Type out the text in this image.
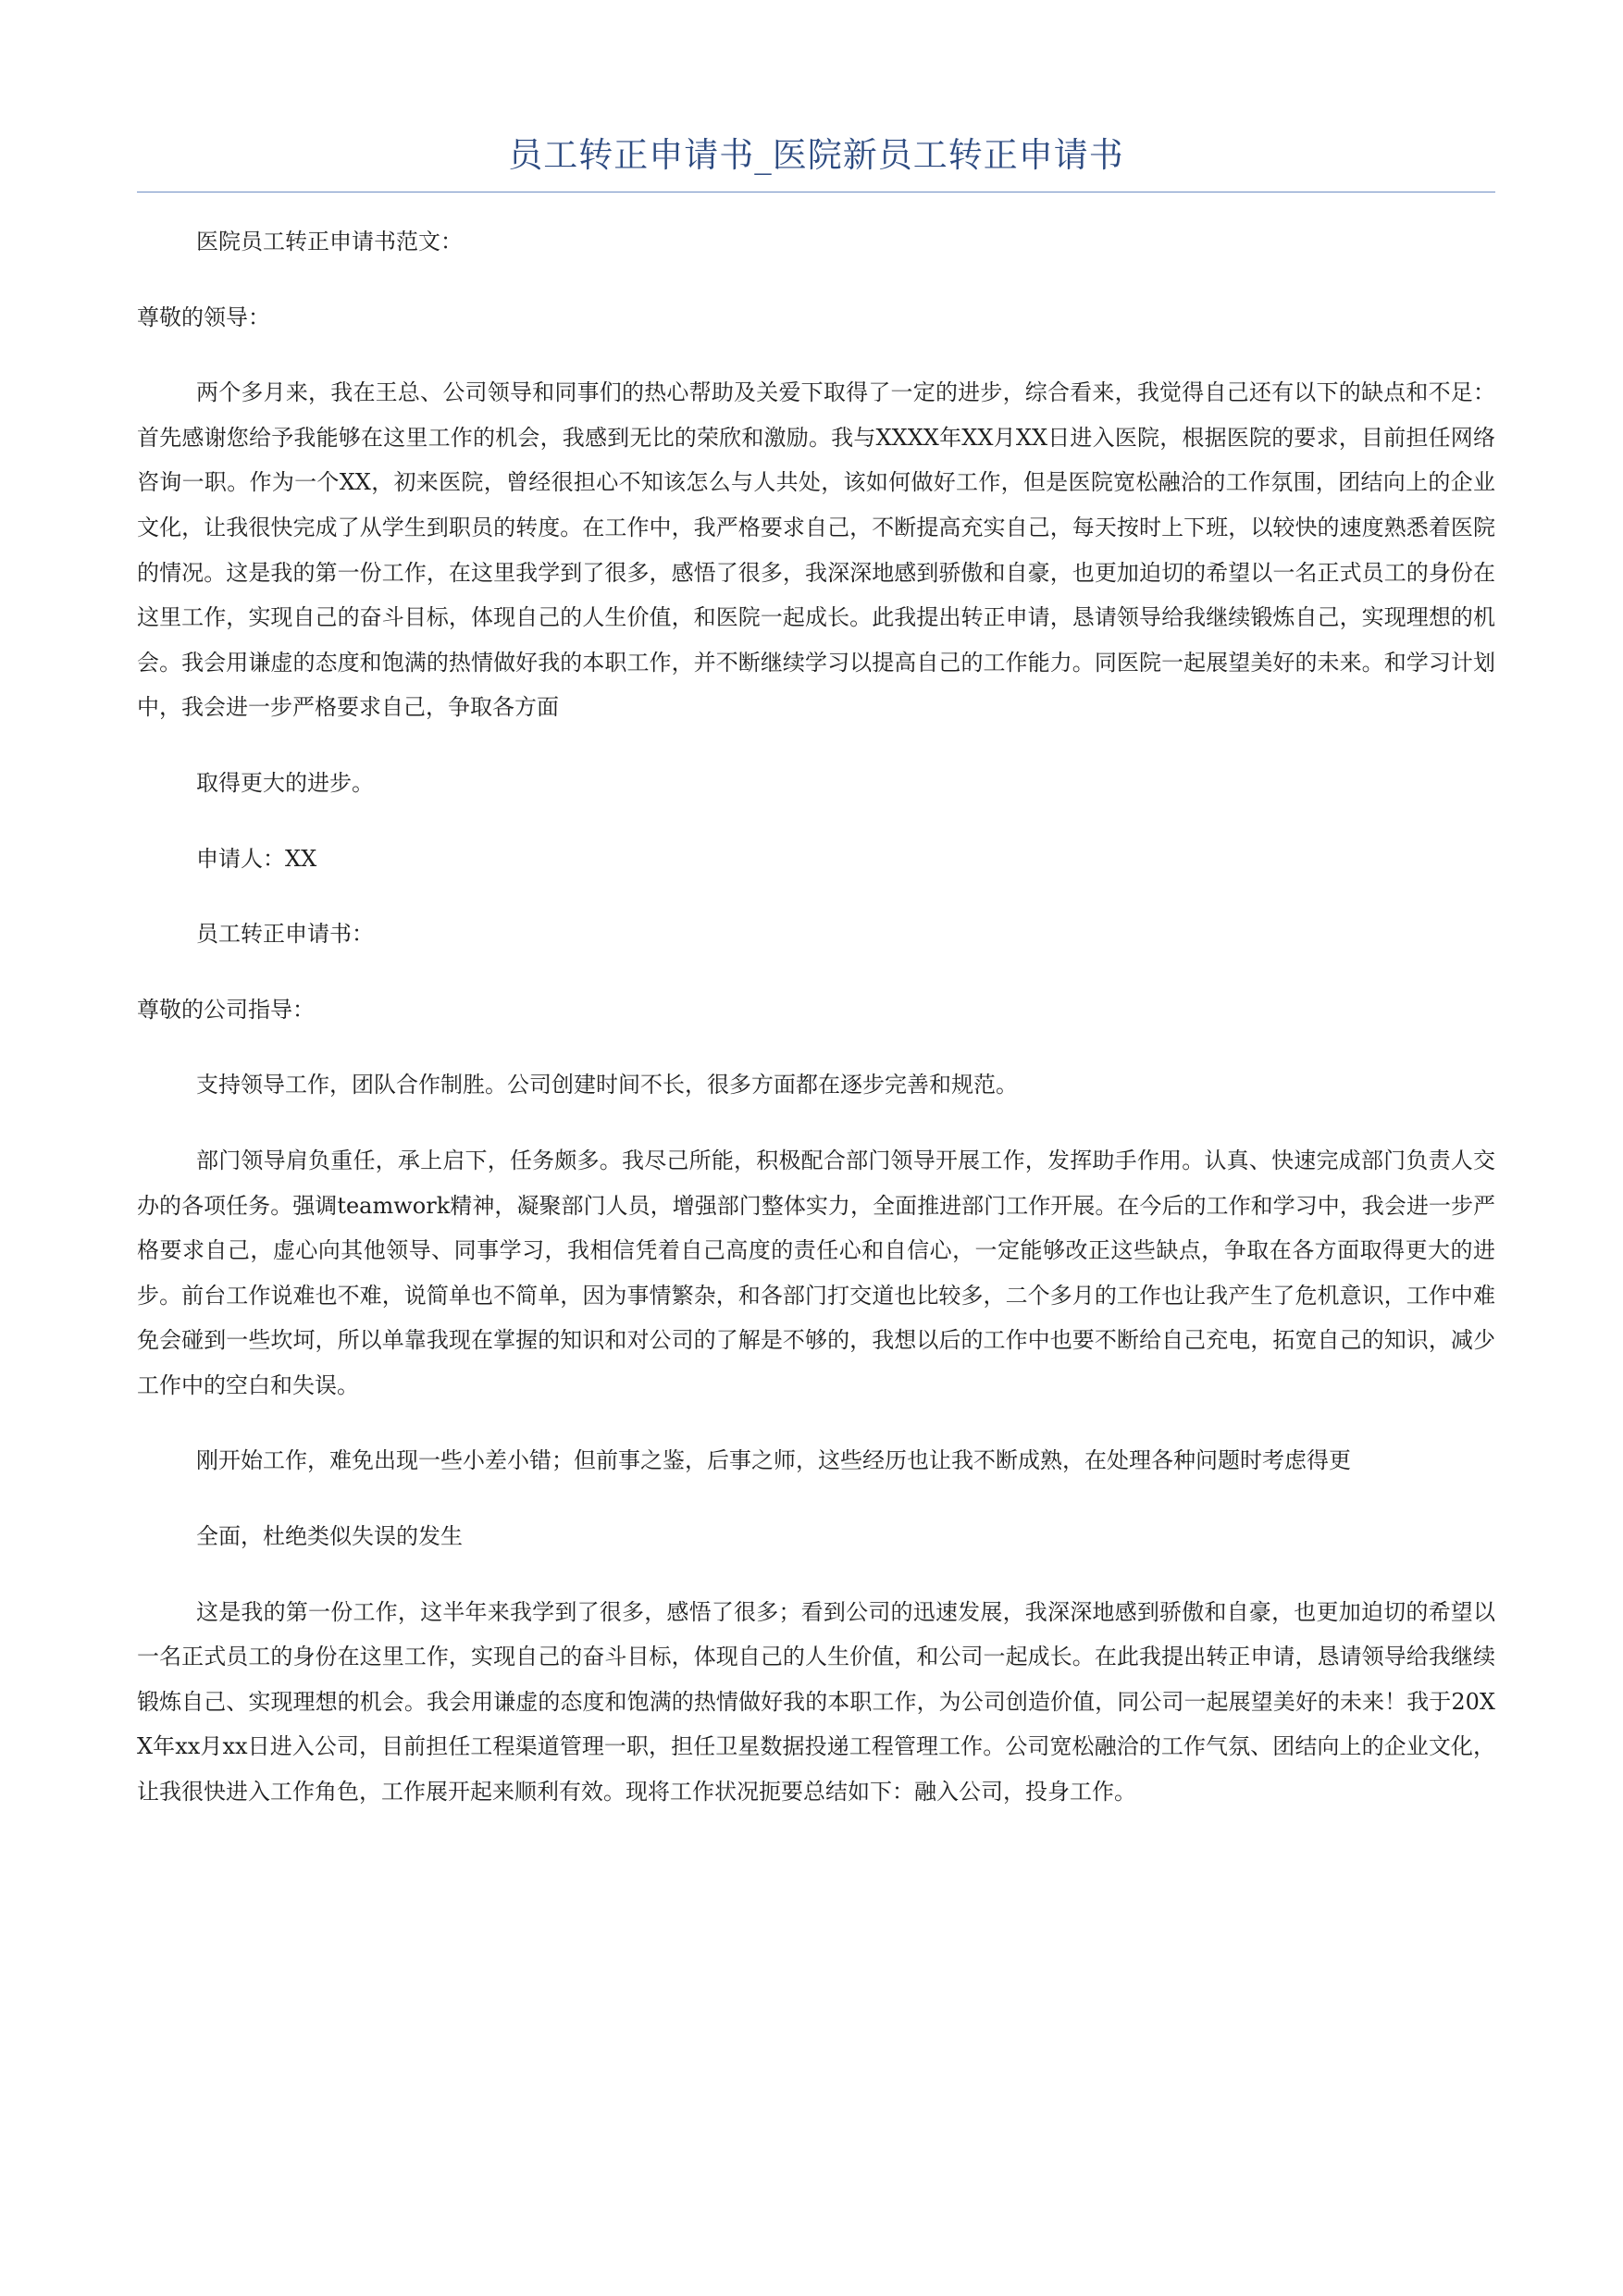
员工转正申请书_医院新员工转正申请书

医院员工转正申请书范文：

尊敬的领导：

两个多月来，我在王总、公司领导和同事们的热心帮助及关爱下取得了一定的进步，综合看来，我觉得自己还有以下的缺点和不足：首先感谢您给予我能够在这里工作的机会，我感到无比的荣欣和激励。我与XXXX年XX月XX日进入医院，根据医院的要求，目前担任网络咨询一职。作为一个XX，初来医院，曾经很担心不知该怎么与人共处，该如何做好工作，但是医院宽松融洽的工作氛围，团结向上的企业文化，让我很快完成了从学生到职员的转度。在工作中，我严格要求自己，不断提高充实自己，每天按时上下班，以较快的速度熟悉着医院的情况。这是我的第一份工作，在这里我学到了很多，感悟了很多，我深深地感到骄傲和自豪，也更加迫切的希望以一名正式员工的身份在这里工作，实现自己的奋斗目标，体现自己的人生价值，和医院一起成长。此我提出转正申请，恳请领导给我继续锻炼自己，实现理想的机会。我会用谦虚的态度和饱满的热情做好我的本职工作，并不断继续学习以提高自己的工作能力。同医院一起展望美好的未来。和学习计划中，我会进一步严格要求自己，争取各方面

取得更大的进步。

申请人：XX

员工转正申请书：

尊敬的公司指导：

支持领导工作，团队合作制胜。公司创建时间不长，很多方面都在逐步完善和规范。

部门领导肩负重任，承上启下，任务颇多。我尽己所能，积极配合部门领导开展工作，发挥助手作用。认真、快速完成部门负责人交办的各项任务。强调teamwork精神，凝聚部门人员，增强部门整体实力，全面推进部门工作开展。在今后的工作和学习中，我会进一步严格要求自己，虚心向其他领导、同事学习，我相信凭着自己高度的责任心和自信心，一定能够改正这些缺点，争取在各方面取得更大的进步。前台工作说难也不难，说简单也不简单，因为事情繁杂，和各部门打交道也比较多，二个多月的工作也让我产生了危机意识，工作中难免会碰到一些坎坷，所以单靠我现在掌握的知识和对公司的了解是不够的，我想以后的工作中也要不断给自己充电，拓宽自己的知识，减少工作中的空白和失误。

刚开始工作，难免出现一些小差小错；但前事之鉴，后事之师，这些经历也让我不断成熟，在处理各种问题时考虑得更

全面，杜绝类似失误的发生

这是我的第一份工作，这半年来我学到了很多，感悟了很多；看到公司的迅速发展，我深深地感到骄傲和自豪，也更加迫切的希望以一名正式员工的身份在这里工作，实现自己的奋斗目标，体现自己的人生价值，和公司一起成长。在此我提出转正申请，恳请领导给我继续锻炼自己、实现理想的机会。我会用谦虚的态度和饱满的热情做好我的本职工作，为公司创造价值，同公司一起展望美好的未来！我于20XX年xx月xx日进入公司，目前担任工程渠道管理一职，担任卫星数据投递工程管理工作。公司宽松融洽的工作气氛、团结向上的企业文化，让我很快进入工作角色，工作展开起来顺利有效。现将工作状况扼要总结如下：融入公司，投身工作。
